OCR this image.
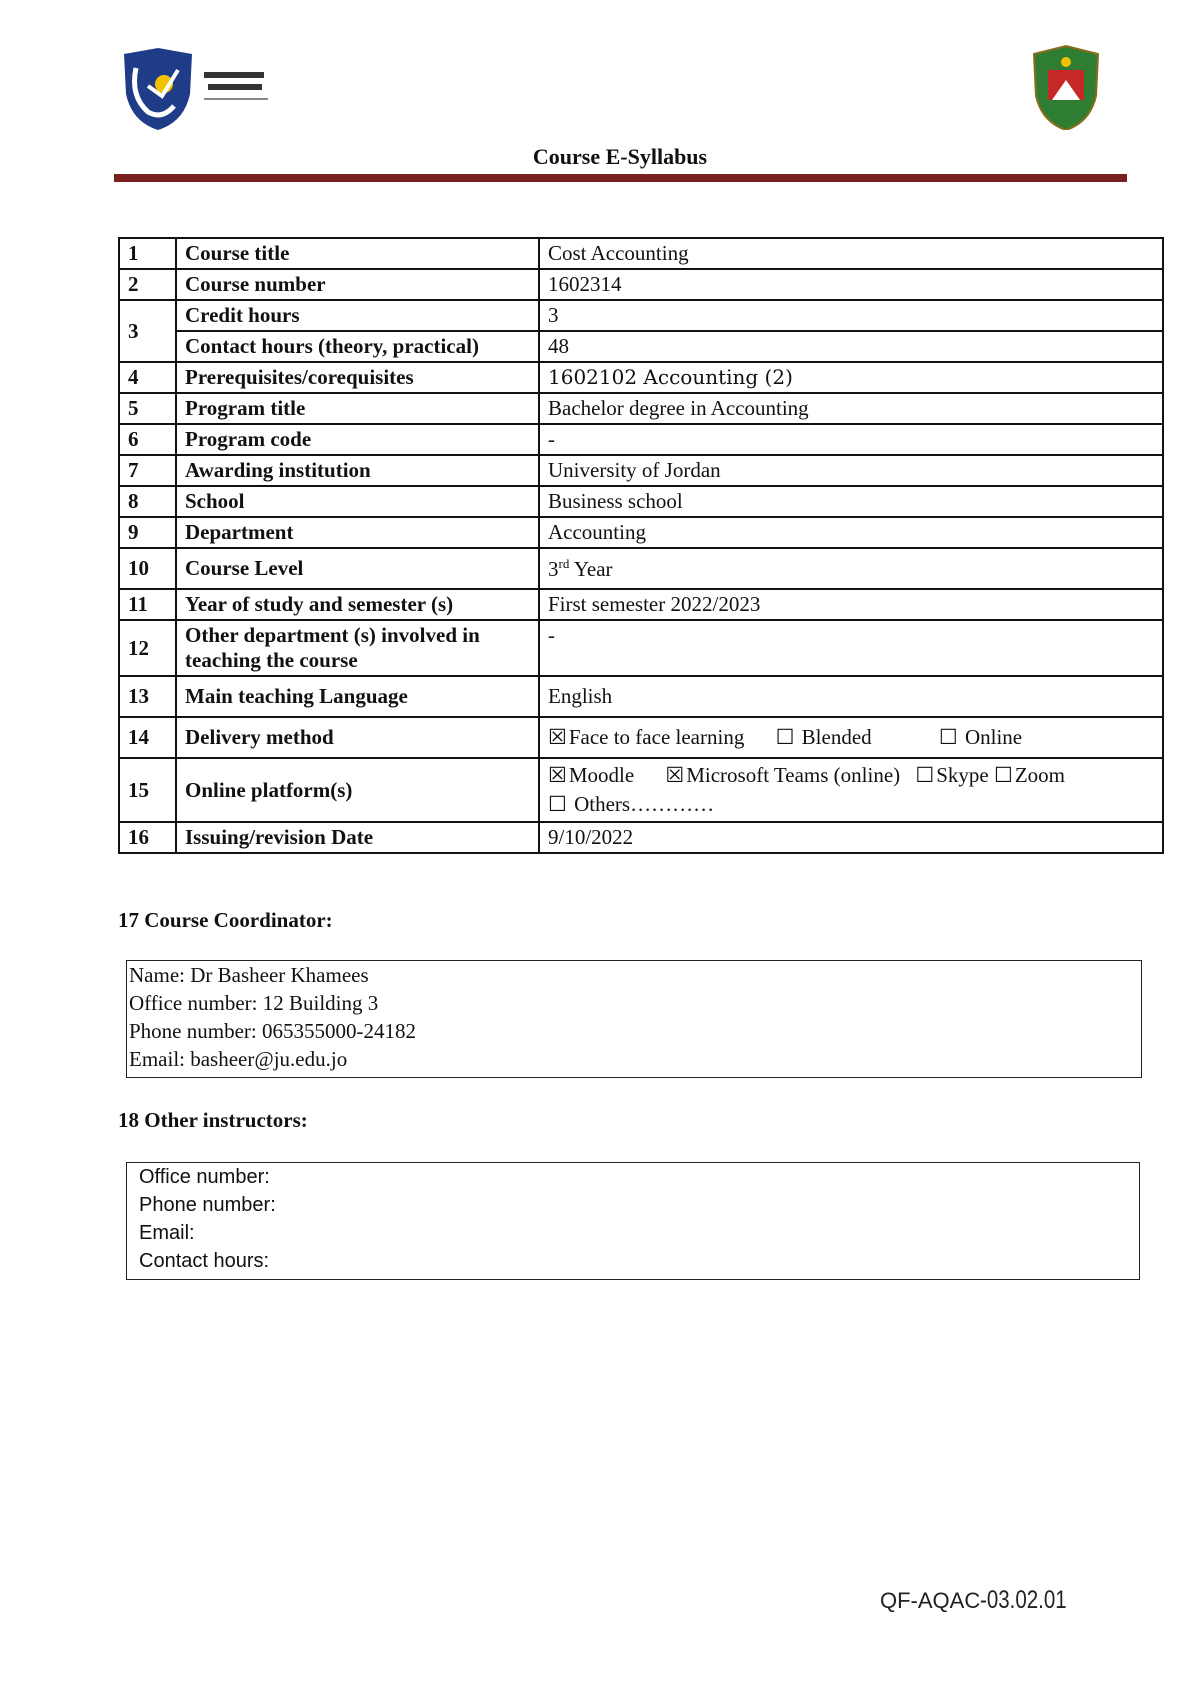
Course E-Syllabus
1	Course title	Cost Accounting
2	Course number	1602314
3	Credit hours	3
	Contact hours (theory, practical)	48
4	Prerequisites/corequisites	1602102 Accounting (2)
5	Program title	Bachelor degree in Accounting
6	Program code	-
7	Awarding institution	University of Jordan
8	School	Business school
9	Department	Accounting
10	Course Level	3rd Year
11	Year of study and semester (s)	First semester 2022/2023
12	Other department (s) involved in teaching the course	-
13	Main teaching Language	English
14	Delivery method	☒Face to face learning ☐ Blended ☐ Online
15	Online platform(s)	☒Moodle ☒Microsoft Teams (online) ☐Skype ☐Zoom
☐ Others…………
16	Issuing/revision Date	9/10/2022
17 Course Coordinator:
Name: Dr Basheer Khamees
Office number: 12 Building 3
Phone number: 065355000-24182
Email: basheer@ju.edu.jo
18 Other instructors:
Office number:
Phone number:
Email:
Contact hours:
QF-AQAC-03.02.01
